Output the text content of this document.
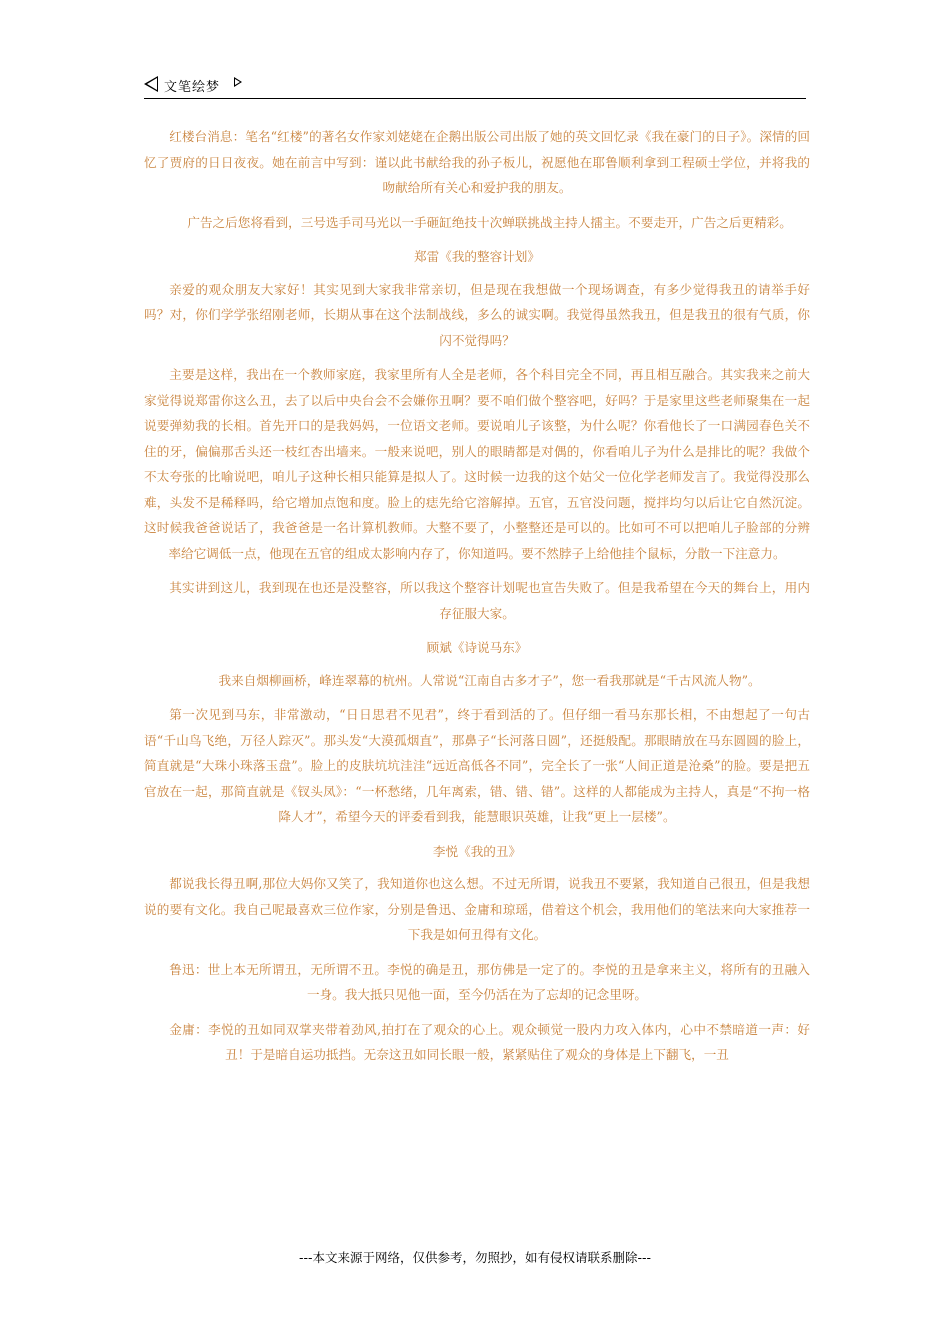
文笔绘梦

红楼台消息：笔名“红楼”的著名女作家刘姥姥在企鹅出版公司出版了她的英文回忆录《我在豪门的日子》。深情的回忆了贾府的日日夜夜。她在前言中写到：谨以此书献给我的孙子板儿，祝愿他在耶鲁顺利拿到工程硕士学位，并将我的吻献给所有关心和爱护我的朋友。

广告之后您将看到，三号选手司马光以一手砸缸绝技十次蝉联挑战主持人擂主。不要走开，广告之后更精彩。

郑雷《我的整容计划》

亲爱的观众朋友大家好！其实见到大家我非常亲切，但是现在我想做一个现场调查，有多少觉得我丑的请举手好吗？对，你们学学张绍刚老师，长期从事在这个法制战线，多么的诚实啊。我觉得虽然我丑，但是我丑的很有气质，你闪不觉得吗？

主要是这样，我出在一个教师家庭，我家里所有人全是老师，各个科目完全不同，再且相互融合。其实我来之前大家觉得说郑雷你这么丑，去了以后中央台会不会嫌你丑啊？要不咱们做个整容吧，好吗？于是家里这些老师聚集在一起说要弹劾我的长相。首先开口的是我妈妈，一位语文老师。要说咱儿子该整，为什么呢？你看他长了一口满园春色关不住的牙，偏偏那舌头还一枝红杏出墙来。一般来说吧，别人的眼睛都是对偶的，你看咱儿子为什么是排比的呢？我做个不太夸张的比喻说吧，咱儿子这种长相只能算是拟人了。这时候一边我的这个姑父一位化学老师发言了。我觉得没那么难，头发不是稀释吗，给它增加点饱和度。脸上的痣先给它溶解掉。五官，五官没问题，搅拌均匀以后让它自然沉淀。这时候我爸爸说话了，我爸爸是一名计算机教师。大整不要了，小整整还是可以的。比如可不可以把咱儿子脸部的分辨率给它调低一点，他现在五官的组成太影响内存了，你知道吗。要不然脖子上给他挂个鼠标，分散一下注意力。

其实讲到这儿，我到现在也还是没整容，所以我这个整容计划呢也宣告失败了。但是我希望在今天的舞台上，用内存征服大家。

顾斌《诗说马东》

我来自烟柳画桥，峰连翠幕的杭州。人常说“江南自古多才子”，您一看我那就是“千古风流人物”。

第一次见到马东，非常激动，“日日思君不见君”，终于看到活的了。但仔细一看马东那长相，不由想起了一句古语“千山鸟飞绝，万径人踪灭”。那头发“大漠孤烟直”，那鼻子“长河落日圆”，还挺般配。那眼睛放在马东圆圆的脸上，简直就是“大珠小珠落玉盘”。脸上的皮肤坑坑洼洼“远近高低各不同”，完全长了一张“人间正道是沧桑”的脸。要是把五官放在一起，那简直就是《钗头凤》：“一杯愁绪，几年离索，错、错、错”。这样的人都能成为主持人，真是“不拘一格降人才”，希望今天的评委看到我，能慧眼识英雄，让我“更上一层楼”。

李悦《我的丑》

都说我长得丑啊,那位大妈你又笑了，我知道你也这么想。不过无所谓，说我丑不要紧，我知道自己很丑，但是我想说的要有文化。我自己呢最喜欢三位作家，分别是鲁迅、金庸和琼瑶，借着这个机会，我用他们的笔法来向大家推荐一下我是如何丑得有文化。

鲁迅：世上本无所谓丑，无所谓不丑。李悦的确是丑，那仿佛是一定了的。李悦的丑是拿来主义，将所有的丑融入一身。我大抵只见他一面，至今仍活在为了忘却的记念里呀。

金庸：李悦的丑如同双掌夹带着劲风,拍打在了观众的心上。观众顿觉一股内力攻入体内，心中不禁暗道一声：好丑！于是暗自运功抵挡。无奈这丑如同长眼一般，紧紧贴住了观众的身体是上下翻飞，一丑

---本文来源于网络，仅供参考，勿照抄，如有侵权请联系删除---
